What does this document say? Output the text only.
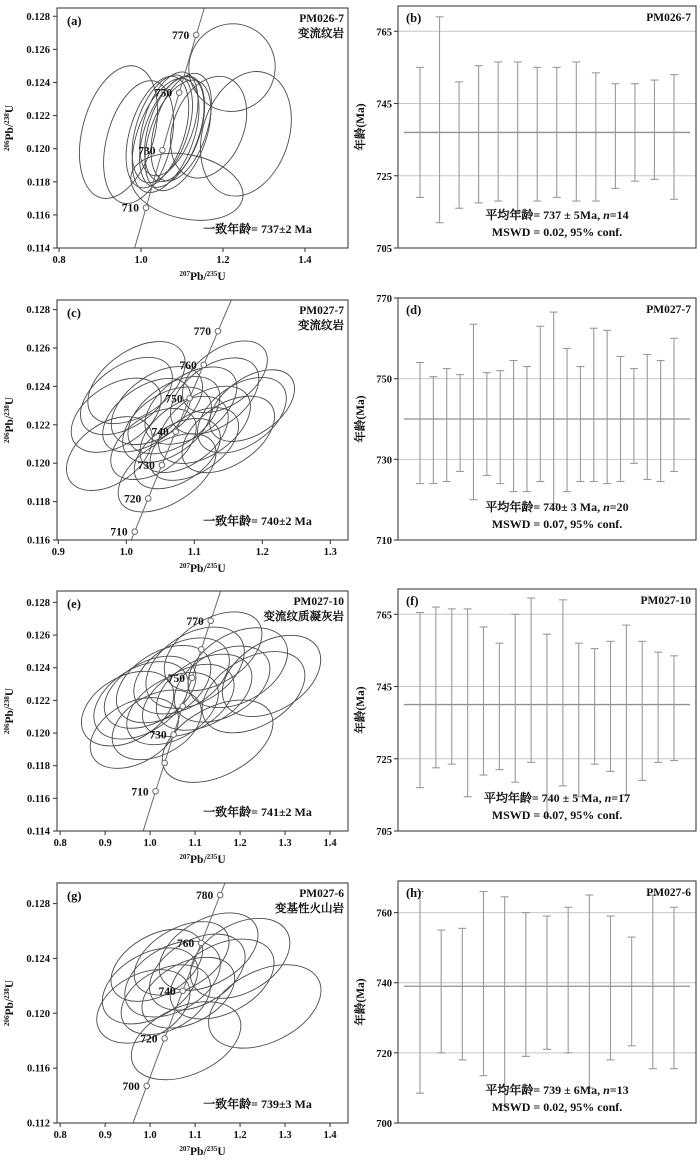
710
730
750
770
0.114
0.116
0.118
0.120
0.122
0.124
0.126
0.128
0.8	1.0	1.2	1.4
$^{207}$Pb/$^{235}$U
$^{206}$Pb/$^{238}$U
(a)	PM026-7
变流纹岩
一致年龄= 737±2 Ma
705
725
745
765
年龄(Ma)
(b)	PM026-7
平均年龄= 737 ± 5Ma, n=14
MSWD = 0.02, 95% conf.
710
720
730
740
750
760
770
0.116
0.118
0.120
0.122
0.124
0.126
0.128
0.9	1.0	1.1	1.2	1.3
$^{207}$Pb/$^{235}$U
$^{206}$Pb/$^{238}$U
(c)	PM027-7
变流纹岩
一致年龄= 740±2 Ma
710
730
750
770
年龄(Ma)
(d)	PM027-7
平均年龄= 740± 3 Ma, n=20
MSWD = 0.07, 95% conf.
710
730
750
770
0.114
0.116
0.118
0.120
0.122
0.124
0.126
0.128
0.8	0.9	1.0	1.1	1.2	1.3	1.4
$^{207}$Pb/$^{235}$U
$^{206}$Pb/$^{238}$U
(e)	PM027-10
变流纹质凝灰岩
一致年龄= 741±2 Ma
705
725
745
765
年龄(Ma)
(f)	PM027-10
平均年龄= 740 ± 5 Ma, n=17
MSWD = 0.07, 95% conf.
700
720
740
760
780
0.112
0.116
0.120
0.124
0.128
0.8	0.9	1.0	1.1	1.2	1.3	1.4
$^{207}$Pb/$^{235}$U
$^{206}$Pb/$^{238}$U
(g)	PM027-6
变基性火山岩
一致年龄= 739±3 Ma
700
720
740
760
年龄(Ma)
(h)	PM027-6
平均年龄= 739 ± 6Ma, n=13
MSWD = 0.02, 95% conf.
